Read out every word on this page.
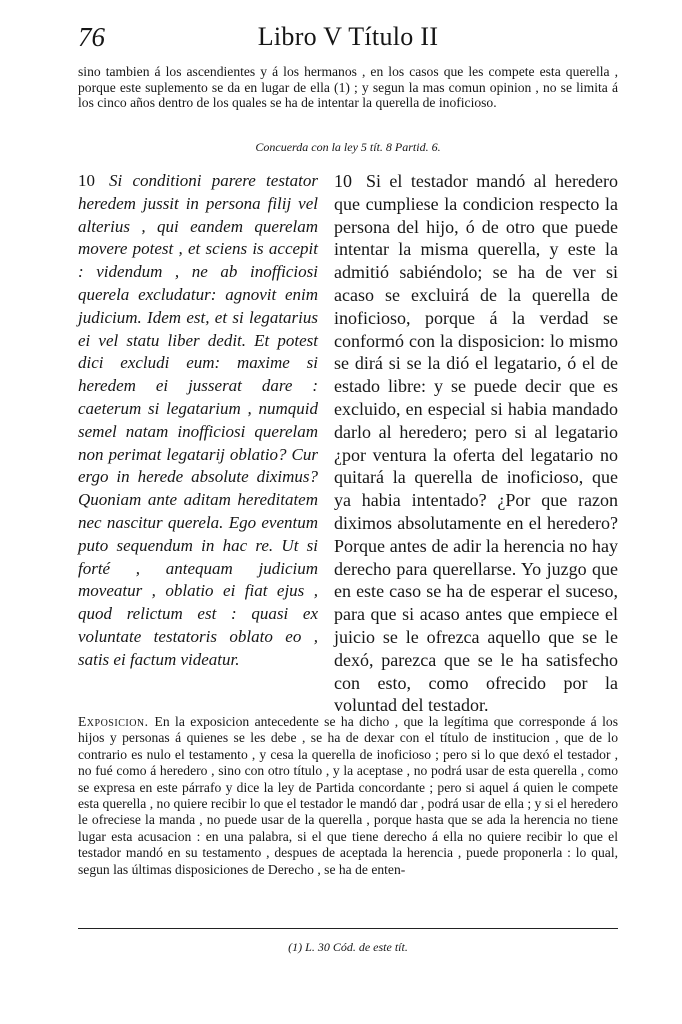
76	Libro V Título II

sino tambien á los ascendientes y á los hermanos , en los casos que les compete esta querella , porque este suplemento se da en lugar de ella (1) ; y segun la mas comun opinion , no se limita á los cinco años dentro de los quales se ha de intentar la querella de inoficioso.

Concuerda con la ley 5 tít. 8 Partid. 6.

10 Si conditioni parere testator heredem jussit in persona filij vel alterius , qui eandem querelam movere potest , et sciens is accepit : videndum , ne ab inofficiosi querela excludatur: agnovit enim judicium. Idem est, et si legatarius ei vel statu liber dedit. Et potest dici excludi eum: maxime si heredem ei jusserat dare : caeterum si legatarium , numquid semel natam inofficiosi querelam non perimat legatarij oblatio? Cur ergo in herede absolute diximus? Quoniam ante aditam hereditatem nec nascitur querela. Ego eventum puto sequendum in hac re. Ut si forté , antequam judicium moveatur , oblatio ei fiat ejus , quod relictum est : quasi ex voluntate testatoris oblato eo , satis ei factum videatur.

10 Si el testador mandó al heredero que cumpliese la condicion respecto la persona del hijo, ó de otro que puede intentar la misma querella, y este la admitió sabiéndolo; se ha de ver si acaso se excluirá de la querella de inoficioso, porque á la verdad se conformó con la disposicion: lo mismo se dirá si se la dió el legatario, ó el de estado libre: y se puede decir que es excluido, en especial si habia mandado darlo al heredero; pero si al legatario ¿por ventura la oferta del legatario no quitará la querella de inoficioso, que ya habia intentado? ¿Por que razon diximos absolutamente en el heredero? Porque antes de adir la herencia no hay derecho para querellarse. Yo juzgo que en este caso se ha de esperar el suceso, para que si acaso antes que empiece el juicio se le ofrezca aquello que se le dexó, parezca que se le ha satisfecho con esto, como ofrecido por la voluntad del testador.

Exposicion. En la exposicion antecedente se ha dicho , que la legítima que corresponde á los hijos y personas á quienes se les debe , se ha de dexar con el título de institucion , que de lo contrario es nulo el testamento , y cesa la querella de inoficioso ; pero si lo que dexó el testador , no fué como á heredero , sino con otro título , y la aceptase , no podrá usar de esta querella , como se expresa en este párrafo y dice la ley de Partida concordante ; pero si aquel á quien le compete esta querella , no quiere recibir lo que el testador le mandó dar , podrá usar de ella ; y si el heredero le ofreciese la manda , no puede usar de la querella , porque hasta que se ada la herencia no tiene lugar esta acusacion : en una palabra, si el que tiene derecho á ella no quiere recibir lo que el testador mandó en su testamento , despues de aceptada la herencia , puede proponerla : lo qual, segun las últimas disposiciones de Derecho , se ha de enten-

(1) L. 30 Cód. de este tít.
